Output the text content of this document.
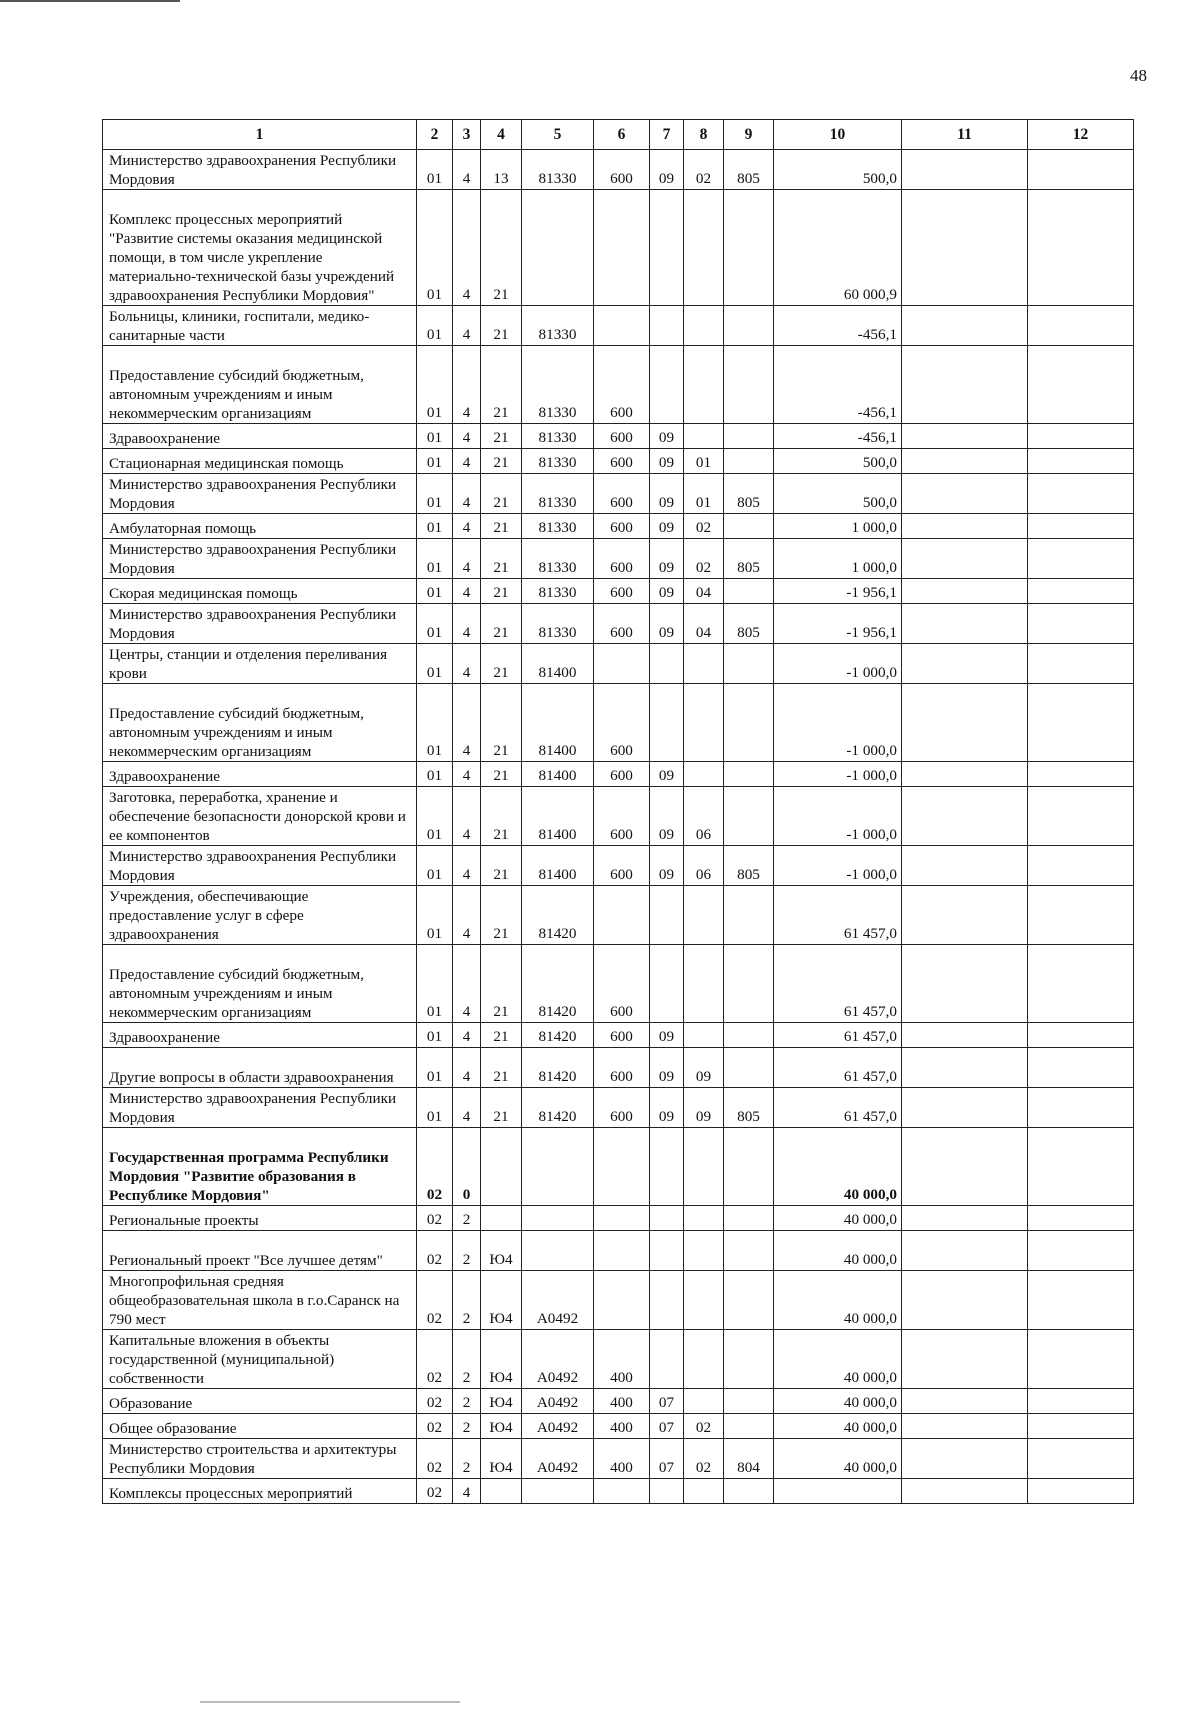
48
1	2	3	4	5	6	7	8	9	10	11	12
Министерство здравоохранения Республики Мордовия	01	4	13	81330	600	09	02	805	500,0		
Комплекс процессных мероприятий "Развитие системы оказания медицинской помощи, в том числе укрепление материально-технической базы учреждений здравоохранения Республики Мордовия"	01	4	21						60 000,9		
Больницы, клиники, госпитали, медико-санитарные части	01	4	21	81330					-456,1		
Предоставление субсидий бюджетным, автономным учреждениям и иным некоммерческим организациям	01	4	21	81330	600				-456,1		
Здравоохранение	01	4	21	81330	600	09			-456,1		
Стационарная медицинская помощь	01	4	21	81330	600	09	01		500,0		
Министерство здравоохранения Республики Мордовия	01	4	21	81330	600	09	01	805	500,0		
Амбулаторная помощь	01	4	21	81330	600	09	02		1 000,0		
Министерство здравоохранения Республики Мордовия	01	4	21	81330	600	09	02	805	1 000,0		
Скорая медицинская помощь	01	4	21	81330	600	09	04		-1 956,1		
Министерство здравоохранения Республики Мордовия	01	4	21	81330	600	09	04	805	-1 956,1		
Центры, станции и отделения переливания крови	01	4	21	81400					-1 000,0		
Предоставление субсидий бюджетным, автономным учреждениям и иным некоммерческим организациям	01	4	21	81400	600				-1 000,0		
Здравоохранение	01	4	21	81400	600	09			-1 000,0		
Заготовка, переработка, хранение и обеспечение безопасности донорской крови и ее компонентов	01	4	21	81400	600	09	06		-1 000,0		
Министерство здравоохранения Республики Мордовия	01	4	21	81400	600	09	06	805	-1 000,0		
Учреждения, обеспечивающие предоставление услуг в сфере здравоохранения	01	4	21	81420					61 457,0		
Предоставление субсидий бюджетным, автономным учреждениям и иным некоммерческим организациям	01	4	21	81420	600				61 457,0		
Здравоохранение	01	4	21	81420	600	09			61 457,0		
Другие вопросы в области здравоохранения	01	4	21	81420	600	09	09		61 457,0		
Министерство здравоохранения Республики Мордовия	01	4	21	81420	600	09	09	805	61 457,0		
Государственная программа Республики Мордовия "Развитие образования в Республике Мордовия"	02	0							40 000,0		
Региональные проекты	02	2							40 000,0		
Региональный проект "Все лучшее детям"	02	2	Ю4						40 000,0		
Многопрофильная средняя общеобразовательная школа в г.о.Саранск на 790 мест	02	2	Ю4	А0492					40 000,0		
Капитальные вложения в объекты государственной (муниципальной) собственности	02	2	Ю4	А0492	400				40 000,0		
Образование	02	2	Ю4	А0492	400	07			40 000,0		
Общее образование	02	2	Ю4	А0492	400	07	02		40 000,0		
Министерство строительства и архитектуры Республики Мордовия	02	2	Ю4	А0492	400	07	02	804	40 000,0		
Комплексы процессных мероприятий	02	4									
